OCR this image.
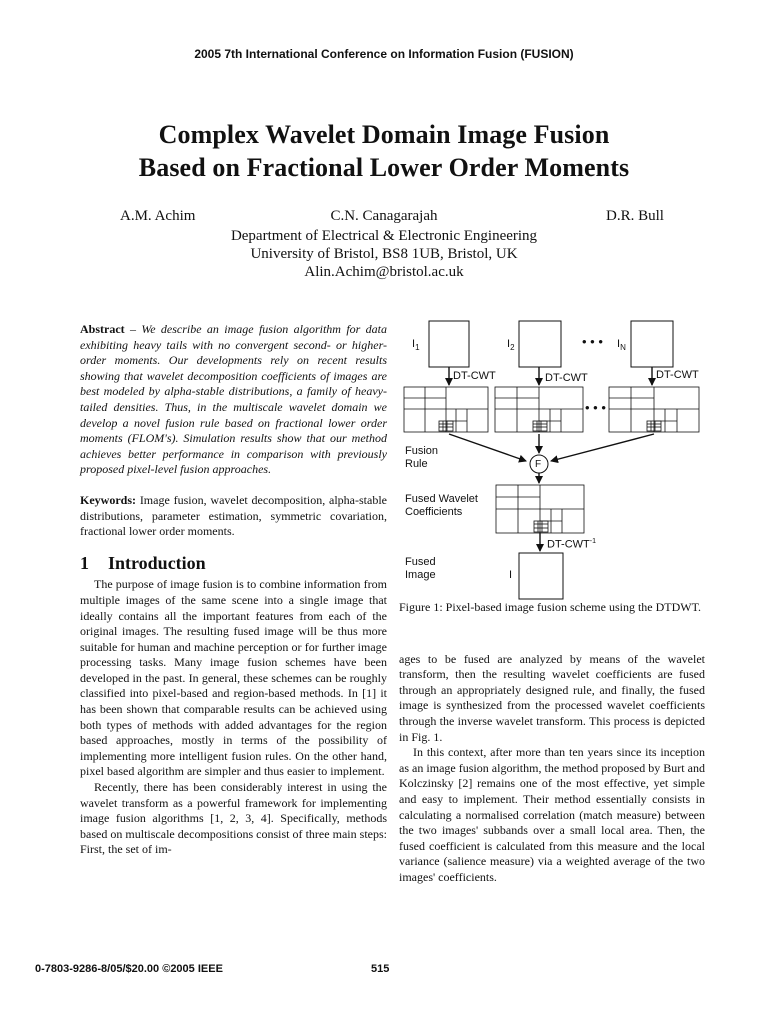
2005 7th International Conference on Information Fusion (FUSION)
Complex Wavelet Domain Image Fusion
Based on Fractional Lower Order Moments
A.M. Achim	C.N. Canagarajah	D.R. Bull
Department of Electrical & Electronic Engineering
University of Bristol, BS8 1UB, Bristol, UK
Alin.Achim@bristol.ac.uk

Abstract – We describe an image fusion algorithm for data exhibiting heavy tails with no convergent second- or higher-order moments. Our developments rely on recent results showing that wavelet decomposition coefficients of images are best modeled by alpha-stable distributions, a family of heavy-tailed densities. Thus, in the multiscale wavelet domain we develop a novel fusion rule based on fractional lower order moments (FLOM's). Simulation results show that our method achieves better performance in comparison with previously proposed pixel-level fusion approaches.

Keywords: Image fusion, wavelet decomposition, alpha-stable distributions, parameter estimation, symmetric covariation, fractional lower order moments.

1 Introduction

The purpose of image fusion is to combine information from multiple images of the same scene into a single image that ideally contains all the important features from each of the original images. The resulting fused image will be thus more suitable for human and machine perception or for further image processing tasks. Many image fusion schemes have been developed in the past. In general, these schemes can be roughly classified into pixel-based and region-based methods. In [1] it has been shown that comparable results can be achieved using both types of methods with added advantages for the region based approaches, mostly in terms of the possibility of implementing more intelligent fusion rules. On the other hand, pixel based algorithm are simpler and thus easier to implement.

Recently, there has been considerably interest in using the wavelet transform as a powerful framework for implementing image fusion algorithms [1, 2, 3, 4]. Specifically, methods based on multiscale decompositions consist of three main steps: First, the set of im-

$I_1$	$I_2$	• • • $I_N$
DT-CWT	DT-CWT	DT-CWT
• • •
Fusion
Rule	F
Fused Wavelet
Coefficients
$DT-CWT^{-1}$
Fused
Image	I

Figure 1: Pixel-based image fusion scheme using the DTDWT.

ages to be fused are analyzed by means of the wavelet transform, then the resulting wavelet coefficients are fused through an appropriately designed rule, and finally, the fused image is synthesized from the processed wavelet coefficients through the inverse wavelet transform. This process is depicted in Fig. 1.

In this context, after more than ten years since its inception as an image fusion algorithm, the method proposed by Burt and Kolczinsky [2] remains one of the most effective, yet simple and easy to implement. Their method essentially consists in calculating a normalised correlation (match measure) between the two images' subbands over a small local area. Then, the fused coefficient is calculated from this measure and the local variance (salience measure) via a weighted average of the two images' coefficients.

0-7803-9286-8/05/$20.00 ©2005 IEEE	515
